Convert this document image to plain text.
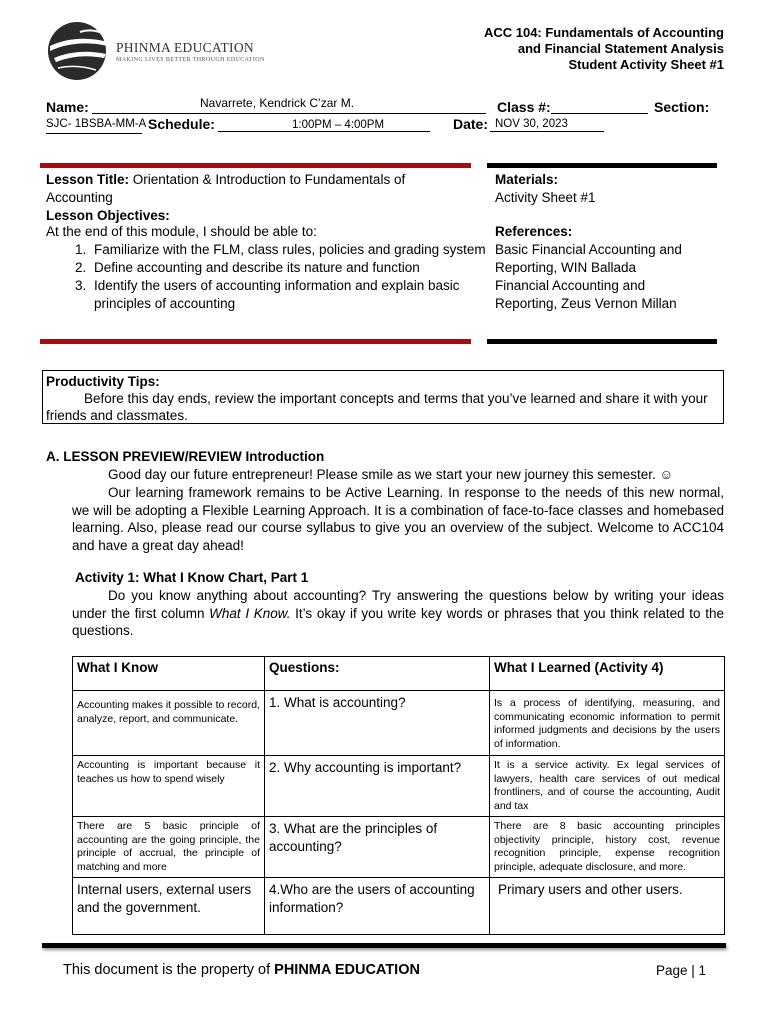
PHINMA EDUCATION
MAKING LIVES BETTER THROUGH EDUCATION
ACC 104: Fundamentals of Accounting
and Financial Statement Analysis
Student Activity Sheet #1
Name:	Navarrete, Kendrick C’zar M.	Class #:	Section:
SJC- 1BSBA-MM-A Schedule:	1:00PM – 4:00PM	Date: NOV 30, 2023
Lesson Title: Orientation & Introduction to Fundamentals of Accounting
Lesson Objectives:
At the end of this module, I should be able to:
1. Familiarize with the FLM, class rules, policies and grading system
2. Define accounting and describe its nature and function
3. Identify the users of accounting information and explain basic principles of accounting
Materials:
Activity Sheet #1
References:
Basic Financial Accounting and Reporting, WIN Ballada
Financial Accounting and Reporting, Zeus Vernon Millan
Productivity Tips:
Before this day ends, review the important concepts and terms that you’ve learned and share it with your friends and classmates.
A. LESSON PREVIEW/REVIEW Introduction
Good day our future entrepreneur! Please smile as we start your new journey this semester. ☺
Our learning framework remains to be Active Learning. In response to the needs of this new normal, we will be adopting a Flexible Learning Approach. It is a combination of face-to-face classes and homebased learning. Also, please read our course syllabus to give you an overview of the subject. Welcome to ACC104 and have a great day ahead!
Activity 1: What I Know Chart, Part 1
Do you know anything about accounting? Try answering the questions below by writing your ideas under the first column What I Know. It’s okay if you write key words or phrases that you think related to the questions.
What I Know	Questions:	What I Learned (Activity 4)
Accounting makes it possible to record, analyze, report, and communicate.	1. What is accounting?	Is a process of identifying, measuring, and communicating economic information to permit informed judgments and decisions by the users of information.
Accounting is important because it teaches us how to spend wisely	2. Why accounting is important?	It is a service activity. Ex legal services of lawyers, health care services of out medical frontliners, and of course the accounting, Audit and tax
There are 5 basic principle of accounting are the going principle, the principle of accrual, the principle of matching and more	3. What are the principles of accounting?	There are 8 basic accounting principles objectivity principle, history cost, revenue recognition principle, expense recognition principle, adequate disclosure, and more.
Internal users, external users and the government.	4.Who are the users of accounting information?	Primary users and other users.
This document is the property of PHINMA EDUCATION	Page | 1
